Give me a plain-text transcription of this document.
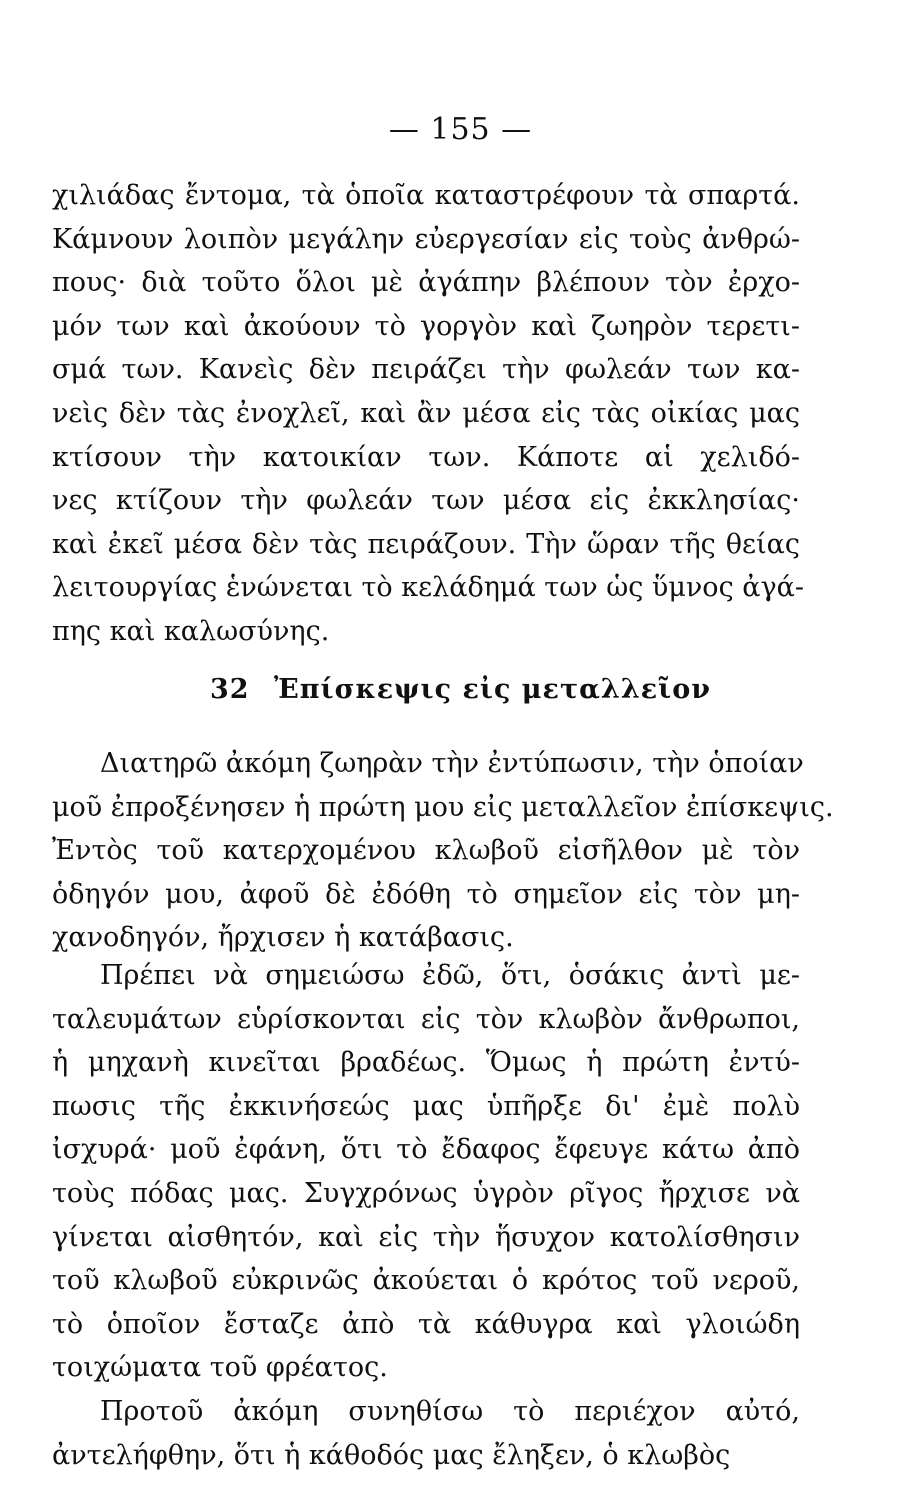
— 155 —
χιλιάδας ἔντομα, τὰ ὁποῖα καταστρέφουν τὰ σπαρτά.
Κάμνουν λοιπὸν μεγάλην εὐεργεσίαν εἰς τοὺς ἀνθρώ-
πους· διὰ τοῦτο ὅλοι μὲ ἀγάπην βλέπουν τὸν ἐρχο-
μόν των καὶ ἀκούουν τὸ γοργὸν καὶ ζωηρὸν τερετι-
σμά των. Κανεὶς δὲν πειράζει τὴν φωλεάν των κα-
νεὶς δὲν τὰς ἐνοχλεῖ, καὶ ἂν μέσα εἰς τὰς οἰκίας μας
κτίσουν τὴν κατοικίαν των. Κάποτε αἱ χελιδό-
νες κτίζουν τὴν φωλεάν των μέσα εἰς ἐκκλησίας·
καὶ ἐκεῖ μέσα δὲν τὰς πειράζουν. Τὴν ὥραν τῆς θείας
λειτουργίας ἑνώνεται τὸ κελάδημά των ὡς ὕμνος ἀγά-
πης καὶ καλωσύνης.
32 Ἐπίσκεψις εἰς μεταλλεῖον
Διατηρῶ ἀκόμη ζωηρὰν τὴν ἐντύπωσιν, τὴν ὁποίαν
μοῦ ἐπροξένησεν ἡ πρώτη μου εἰς μεταλλεῖον ἐπίσκεψις.
Ἐντὸς τοῦ κατερχομένου κλωβοῦ εἰσῆλθον μὲ τὸν
ὁδηγόν μου, ἀφοῦ δὲ ἐδόθη τὸ σημεῖον εἰς τὸν μη-
χανοδηγόν, ἤρχισεν ἡ κατάβασις.
Πρέπει νὰ σημειώσω ἐδῶ, ὅτι, ὁσάκις ἀντὶ με-
ταλευμάτων εὑρίσκονται εἰς τὸν κλωβὸν ἄνθρωποι,
ἡ μηχανὴ κινεῖται βραδέως. Ὅμως ἡ πρώτη ἐντύ-
πωσις τῆς ἐκκινήσεώς μας ὑπῆρξε δι' ἐμὲ πολὺ
ἰσχυρά· μοῦ ἐφάνη, ὅτι τὸ ἔδαφος ἔφευγε κάτω ἀπὸ
τοὺς πόδας μας. Συγχρόνως ὑγρὸν ρῖγος ἤρχισε νὰ
γίνεται αἰσθητόν, καὶ εἰς τὴν ἥσυχον κατολίσθησιν
τοῦ κλωβοῦ εὐκρινῶς ἀκούεται ὁ κρότος τοῦ νεροῦ,
τὸ ὁποῖον ἔσταζε ἀπὸ τὰ κάθυγρα καὶ γλοιώδη
τοιχώματα τοῦ φρέατος.
Προτοῦ ἀκόμη συνηθίσω τὸ περιέχον αὐτό,
ἀντελήφθην, ὅτι ἡ κάθοδός μας ἔληξεν, ὁ κλωβὸς
